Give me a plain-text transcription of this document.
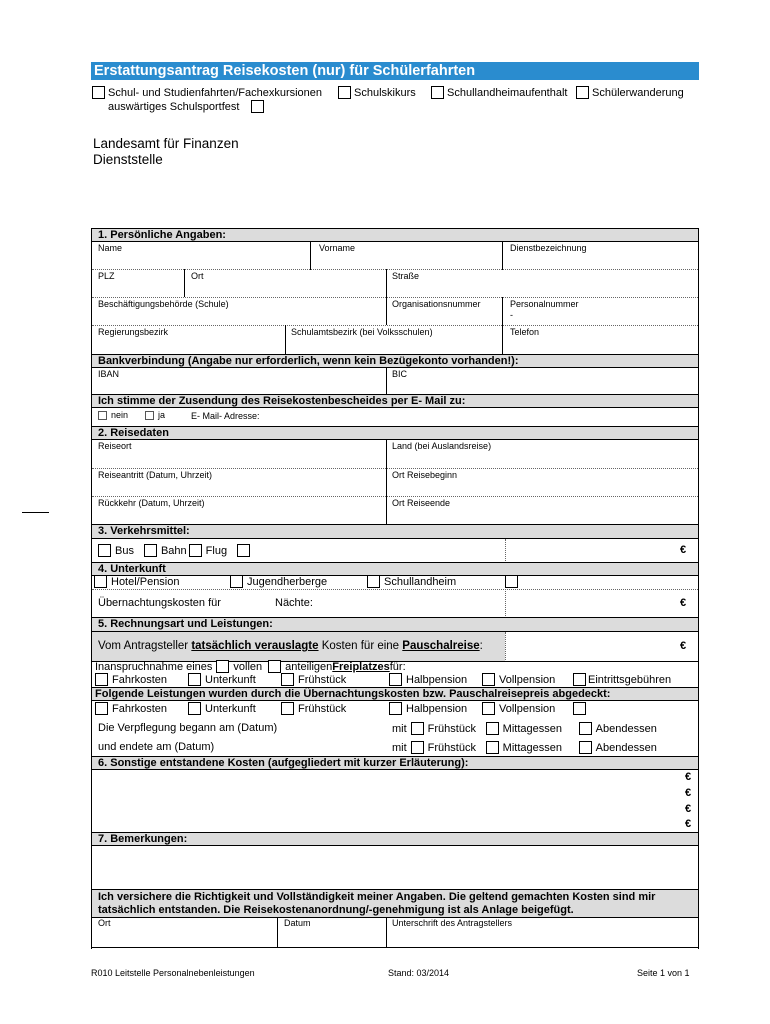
Erstattungsantrag Reisekosten (nur) für Schülerfahrten
Schul- und Studienfahrten/Fachexkursionen	Schulskikurs	Schullandheimaufenthalt Schülerwanderung
auswärtiges Schulsportfest
Landesamt für Finanzen
Dienststelle
1. Persönliche Angaben:
Name	Vorname	Dienstbezeichnung
PLZ	Ort	Straße
Beschäftigungsbehörde (Schule)	Organisationsnummer	Personalnummer
-
Regierungsbezirk	Schulamtsbezirk (bei Volksschulen)	Telefon
Bankverbindung (Angabe nur erforderlich, wenn kein Bezügekonto vorhanden!):
IBAN	BIC
Ich stimme der Zusendung des Reisekostenbescheides per E- Mail zu:
nein	ja	E- Mail- Adresse:
2. Reisedaten
Reiseort	Land (bei Auslandsreise)
Reiseantritt (Datum, Uhrzeit)	Ort Reisebeginn
Rückkehr (Datum, Uhrzeit)	Ort Reiseende
3. Verkehrsmittel:
Bus Bahn Flug	€
4. Unterkunft
Hotel/Pension	Jugendherberge	Schullandheim
Übernachtungskosten für	Nächte:	€
5. Rechnungsart und Leistungen:
Vom Antragsteller tatsächlich verauslagte Kosten für eine Pauschalreise:	€
Inanspruchnahme eines vollen anteiligen Freiplatzes für:
Fahrkosten	Unterkunft	Frühstück	Halbpension	Vollpension	Eintrittsgebühren
Folgende Leistungen wurden durch die Übernachtungskosten bzw. Pauschalreisepreis abgedeckt:
Fahrkosten	Unterkunft	Frühstück	Halbpension	Vollpension
Die Verpflegung begann am (Datum)	mit Frühstück	Mittagessen	Abendessen
und endete am (Datum)	mit Frühstück	Mittagessen	Abendessen
6. Sonstige entstandene Kosten (aufgegliedert mit kurzer Erläuterung):
€
€
€
€
7. Bemerkungen:
Ich versichere die Richtigkeit und Vollständigkeit meiner Angaben. Die geltend gemachten Kosten sind mir
tatsächlich entstanden. Die Reisekostenanordnung/-genehmigung ist als Anlage beigefügt.
Ort	Datum	Unterschrift des Antragstellers
R010 Leitstelle Personalnebenleistungen	Stand: 03/2014	Seite 1 von 1
